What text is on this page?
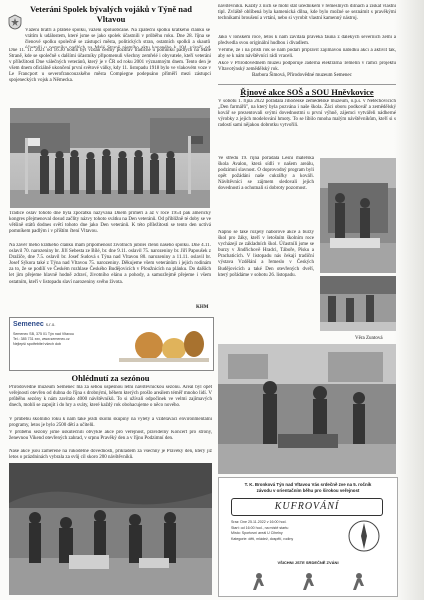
Veteráni Spolek bývalých vojáků v Týně nad Vltavou
Vážení bratři a přátelé spolku, vážení spoluobčané. Na zpáteční spolku krátkého článku se vrátím k událostem, které jsme se jako spolek účastnili v průběhu roku. Dne 28. října se členové spolku společně se zástupci města, politických stran, ostatních spolků a skautů
Dne 11. 11. 2021 od 16.30 hodin byl vzdán čestný pozdrav tradičně u pomníku padlých na Malé Straně, kde se společně s dalšími účastníky připomenuli všechny zemřelé i obyvatele, kteří veteráni v příležitosti Dne válečných veteránů, který je v ČR od roku 2001 významným dnem. Tento den je všem dnem oficiálně ukončení první světové války, kdy 11. listopadu 1918 bylo ve vlakovém voze v Le Francport u severofrancouzského města Compiegne podepsáno příměří mezi zástupci spojeneckých vojsk a Německa.
Tradice oslav tohoto dne byla zpočátku nazývána Dnem příměří a až v roce 1954 pak americký kongres přejmenoval dosud začlity názvy tohoto svátku na Den veteránů. Od přibližně té doby se ve většině států dodnes světí tohoto dne jako Den veteránů. K této příležitosti se tento den uctívá pomníkem padlým i v příštím čtení Vltavou.
Na závěr mého krátkého článku mám připomenout životních jubilei členů našeho spolku. Dne 4.11. oslavil 70. narozeniny br. Jiří Sebesta ze Bílé, br. dne 9.11. oslavil 75. narozeniny br. Jiří Papoušek z Dražiče, dne 7.5. oslavil br. Josef Sudová s Týna nad Vltavou 80. narozeniny a 11.11. oslavil br. Josef Sýkora také z Týna nad Vltavou 75. narozeniny. Děkujeme všem veteránům i jejich rodinám za to, že se podílí ve Českém rozhlase Českého Budějovicích v Ploužnicích na plánku. Do dalších let jim přejeme hlavně hodně zdraví, životního elánu a pohody, a samozřejmě přejeme i všem ostatním, kteří v listopadu slaví narozeniny svého života.
KHM
Semenec s.r.o.
Semenec SB, 375 01 Týn nad Vltavou
Tel.: 385 731 xxx, www.semenec.cz
Nejlepší spotřebitel všech dob
Ohlédnutí za sezónou
Přírodovědné muzeum Semenec má za sebou úspěšnou letní návštěvnickou sezónu. Areál byl opět veřejnosti otevřen od dubna do října s drobnými, během kterých prošlo areálem téměř mnoho lidí. V průběhu sezóny k nám zavítalo 4000 návštěvníků. To si užívali odpočinek ve velmi zajímavých dnech, mohli se zapojit i do hry a sváty, které každý rok obohacujeme o něco nového.
V průběhu školního roku k nám také jezdí školní skupiny na výlety a vzdělávací environmentální programy, letos je bylo 2500 dětí a učitelů.
V průběhu sezóny jsme uskutečnili obvyklé akce pro veřejnost, pravidelný Koncert pro strony, ženevnou Vikend otevřených zahrad, v srpnu Pravěký den a v říjnu Podzimní den.
Naše akce jsou zaměřené na rukodělné dovednosti, příkladem za všechny je Pravěký den, který již letos o prázdninách vybrala za svůj cíl skoro 200 návštěvníků.
návštěvníků. Každý z nich se mohl stát účedníkem v řemeslných dílnách a získat vlastní tipl. Zvláště oblíbená byla kamenická dílna, kde bylo možné se seznámit s pravěkými technikami broušení a vrtání, nebo si vyrobit vlastní kamenný nástroj.
Jako v loňském roce, letos k nám zavítala pravěká fauna z dalekých severních zemí a předvedla svou originální hudbou i divadlem.
Věříme, že i na příští rok se nám podaří připravit zajímavou nabídku akcí a aktivit tak, aby se k nám návštěvníci rádi vraceli.
Akce v Přírodovědném muzeu podporuje Jaderná elektrárna Temelín v rámci projektu Vltavotýnský zemědělský rok.
Barbora Šimová, Přírodovědné muzeum Semenec
Řjnové akce SOŠ a SOU Hněvkovice
V sobotu 1. října 2022 pořádala Jihočeské zemědělské muzeum, o.p.s. v Netěchovicích „Den farmářů", na který byla pozvána i naše škola. Žáci oboru podkovář a zemědělský kovář se prezentovali svými dovednostmi u první výhně, zájemci vytvářeli nádherné výrobky z jejich modelování hmoty. To se líbilo mnoha malým návštěvníkům, kteří si s radostí sami nějakou dobrotku vytvořili.
Ve středu 19. října pořádala Lesní mateřská škola Avalon, která sídlí v našem areálu, podzimní slavnost. O doprovodný program byli opět požádáni naše cukrářky a kováři. Návštěvníci se zájmem sledovali jejich dovednosti a ochutnali si dobroty pozornost.
Nápno se také rozjely náborové akce a burzy škol pro žáky, kteří v letošním školním roce vycházejí ze základních škol. Účastníli jsme se burzy v Jindřichově Hradci, Táboře, Písku a Prachaticích. V listopadu nás čekají tradiční výstava Vzdělání a řemeslo v Českých Budějovicích a také Den otevřených dveří, který pořádáme v sobotu 26. listopadu.
Věra Zuntová
T. K. Bronková Týn nad Vltavou Vás srdečně zve na 5. ročník
závodu v orientačním běhu pro širokou veřejnost
KUFROVÁNÍ
Sraz: Dne 25.11.2022 v 16:00 hod.
Start: od 16:00 hod., na místě startu
Místo: Sportovní areál U Cihelny
Kategorie: děti, mládež, dospělí, rodiny
VŠICHNI JSTE SRDEČNĚ ZVÁNI
